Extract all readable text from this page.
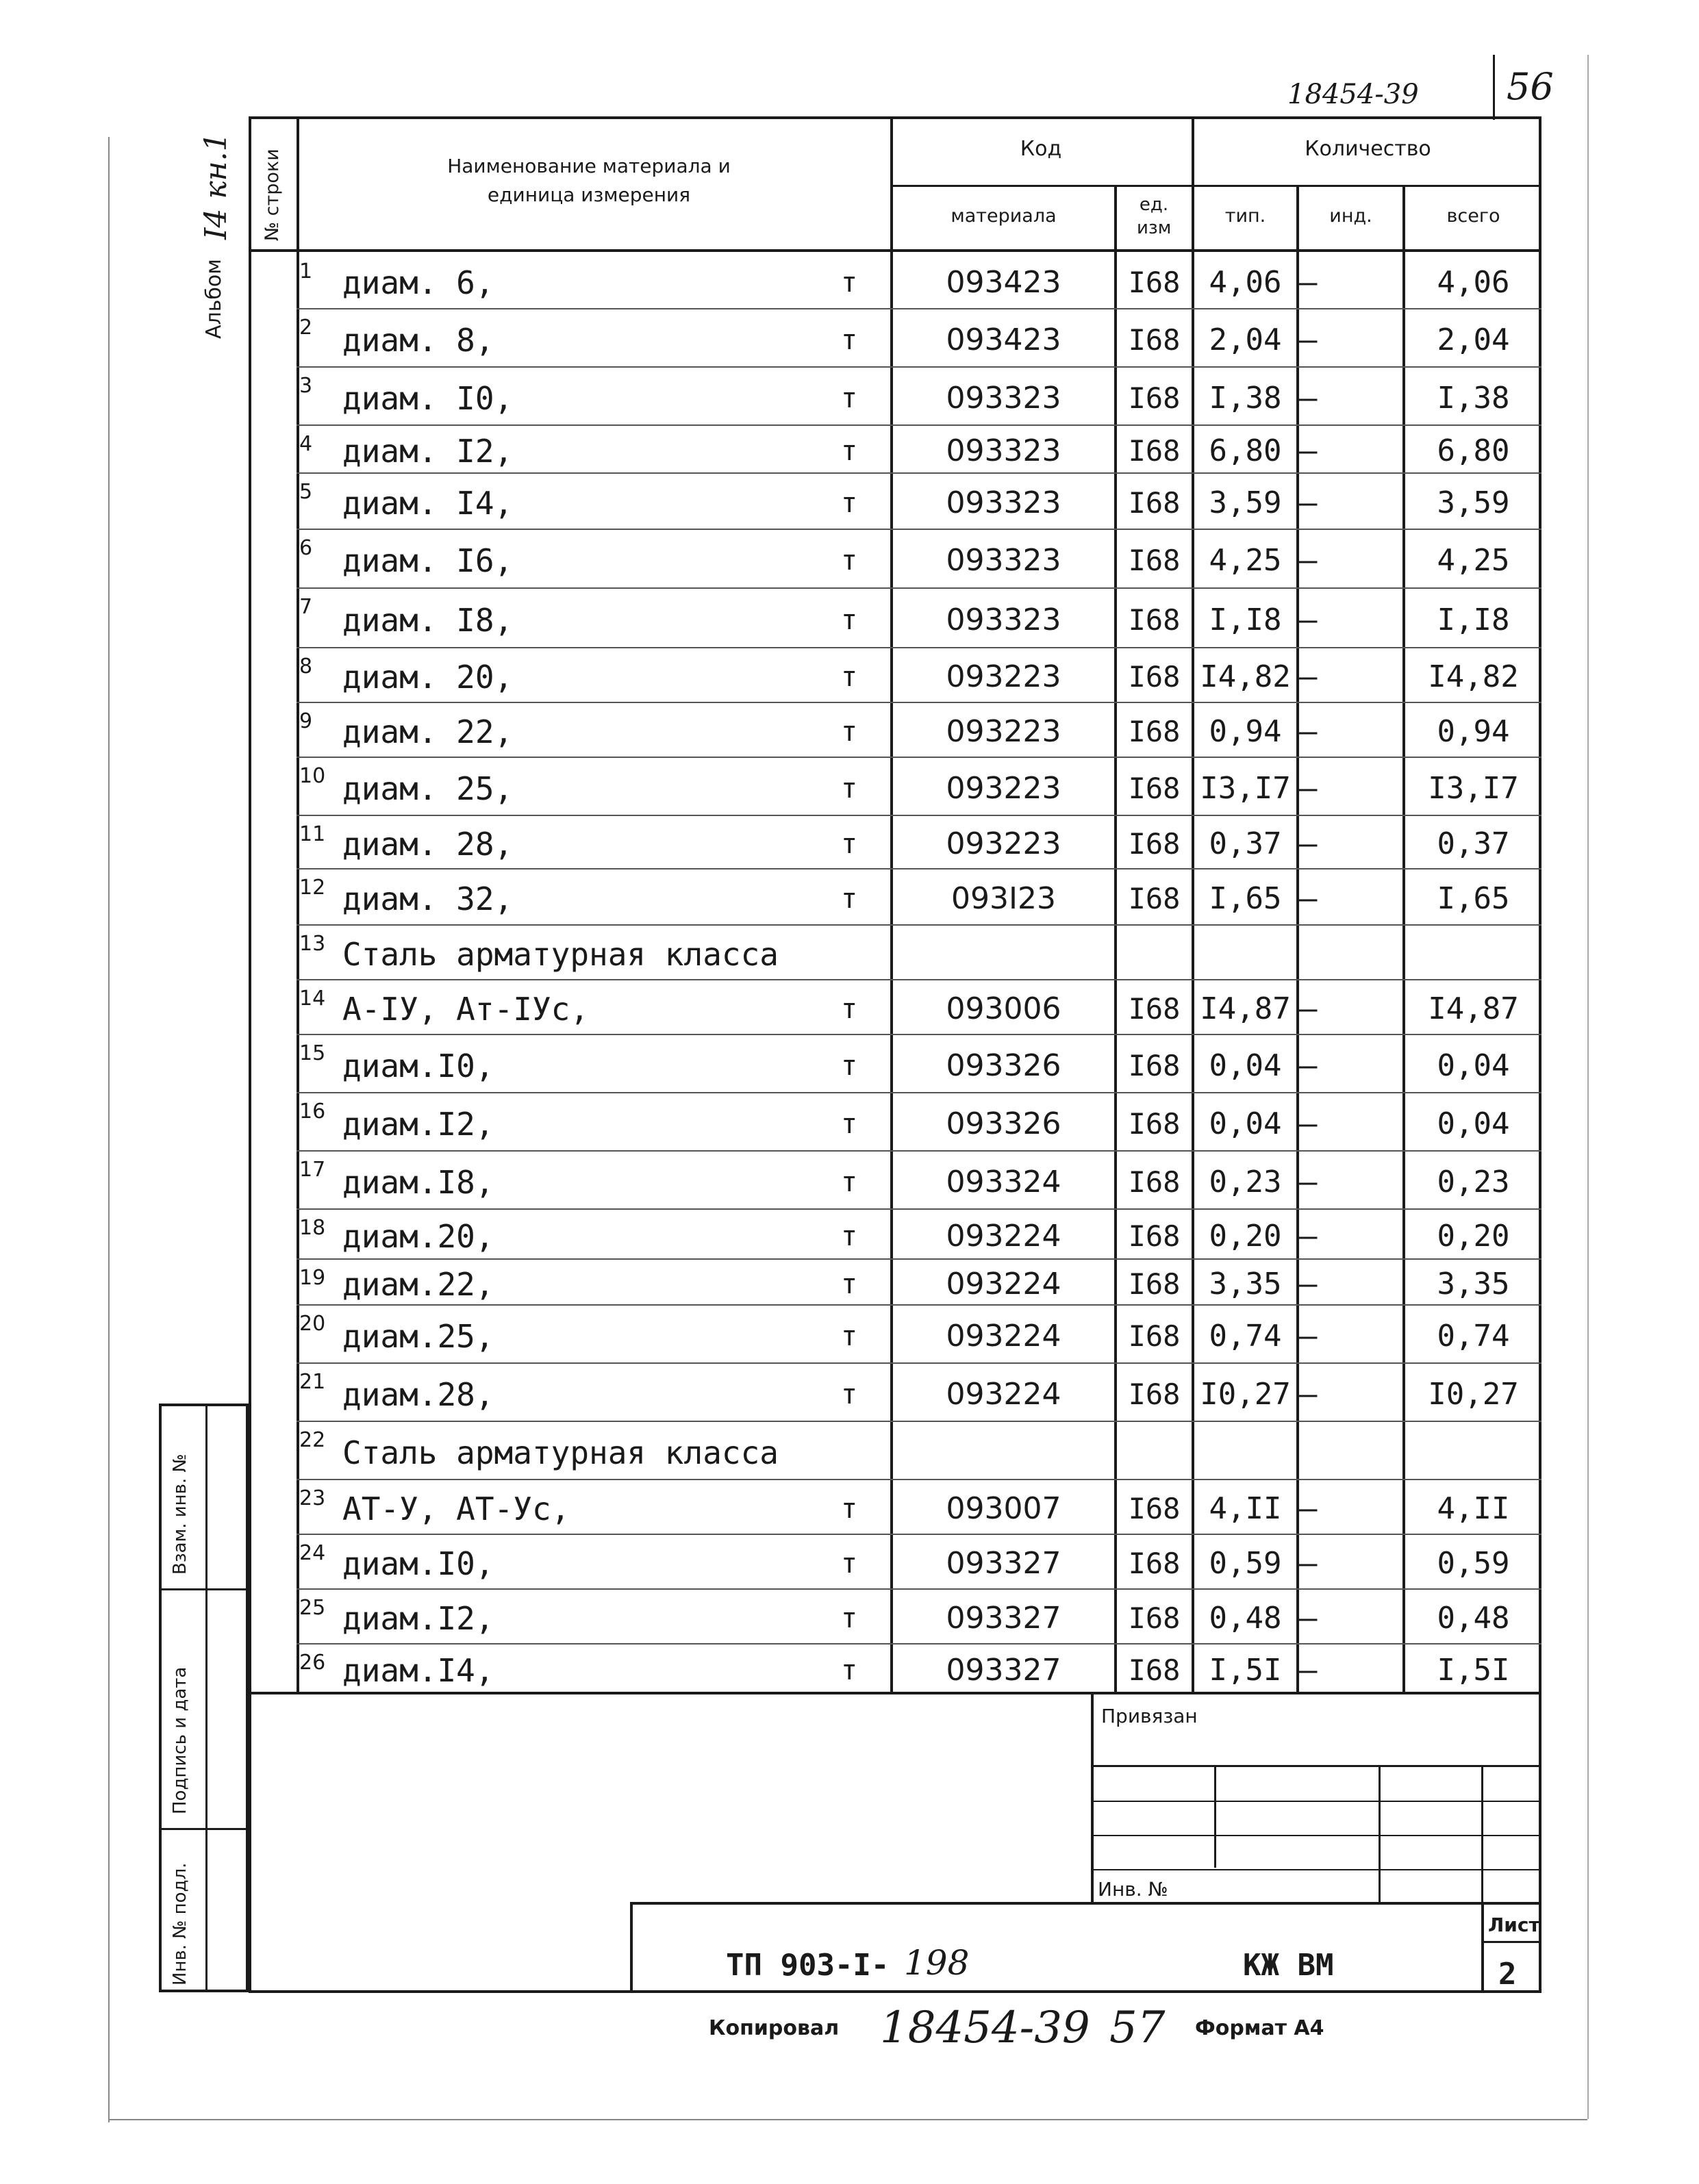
18454-39 56
Альбом
I4 кн.1 № строки	Наименование материала и единица измерения
Код
материала
ед. изм
Количество
тип.	инд.	всего
1 диам. 6,	т	093423	I68 4,06 –	4,06
2 диам. 8,	т	093423	I68 2,04 –	2,04
3 диам. I0,	т	093323	I68 I,38 –	I,38
4 диам. I2,	т	093323	I68 6,80 –	6,80
5 диам. I4,	т	093323	I68 3,59 –	3,59
6 диам. I6,	т	093323	I68 4,25 –	4,25
7 диам. I8,	т	093323	I68 I,I8 –	I,I8
8 диам. 20,	т	093223	I68 I4,82 –	I4,82
9 диам. 22,	т	093223	I68 0,94 –	0,94
10 диам. 25,	т	093223	I68 I3,I7 –	I3,I7
11 диам. 28,	т	093223	I68 0,37 –	0,37
12 диам. 32,	т	093I23	I68 I,65 –	I,65
13 Сталь арматурная класса
14 А-IУ, Ат-IУс,	т	093006	I68 I4,87 –	I4,87
15 диам.I0,	т	093326	I68 0,04 –	0,04
16 диам.I2,	т	093326	I68 0,04 –	0,04
17 диам.I8,	т	093324	I68 0,23 –	0,23
18 диам.20,	т	093224	I68 0,20 –	0,20
19 диам.22,	т	093224	I68 3,35 –	3,35
20 диам.25,	т	093224	I68 0,74 –	0,74
21 диам.28,	т	093224	I68 I0,27 –	I0,27
22 Сталь арматурная класса
23 АТ-У, АТ-Ус,	т	093007	I68 4,II –	4,II
24 диам.I0,	т	093327	I68 0,59 –	0,59
25 диам.I2,	т	093327	I68 0,48 –	0,48
26 диам.I4,	т	093327	I68 I,5I –	I,5I
Взам. инв. №
Подпись и дата
Инв. № подл.
Привязан
Инв. №
ТП 903-I- 198	КЖ ВМ
Лист
2
Копировал 18454-39 57 Формат А4
